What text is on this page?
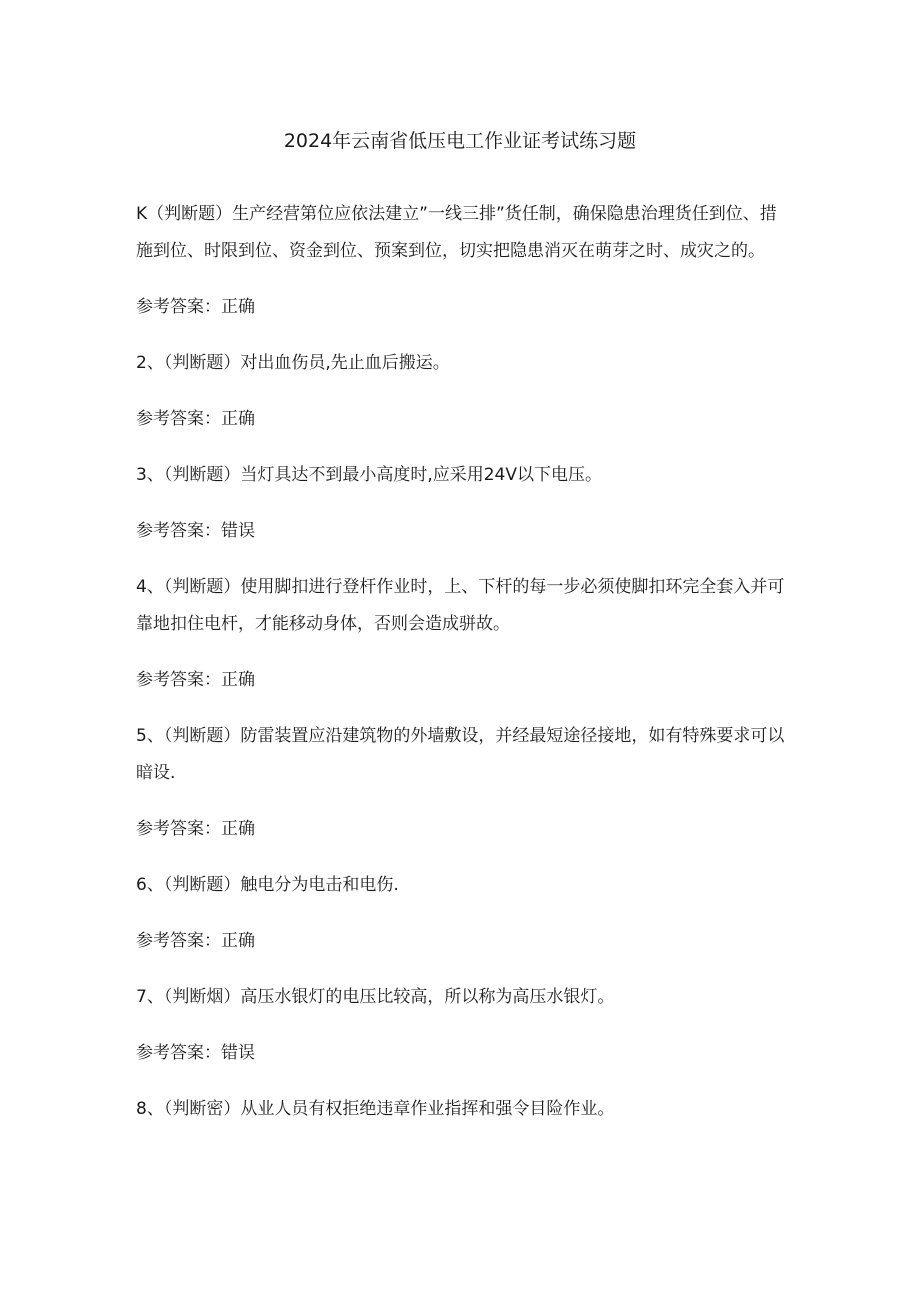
2024年云南省低压电工作业证考试练习题

K（判断题）生产经营第位应依法建立”一线三排”货任制，确保隐患治理货任到位、措施到位、时限到位、资金到位、预案到位，切实把隐患消灭在萌芽之时、成灾之的。

参考答案：正确

2、（判断题）对出血伤员,先止血后搬运。

参考答案：正确

3、（判断题）当灯具达不到最小高度时,应采用24V以下电压。

参考答案：错误

4、（判断题）使用脚扣进行登杆作业时，上、下杆的每一步必须使脚扣环完全套入并可靠地扣住电杆，才能移动身体，否则会造成骈故。

参考答案：正确

5、（判断题）防雷装置应沿建筑物的外墙敷设，并经最短途径接地，如有特殊要求可以暗设.

参考答案：正确

6、（判断题）触电分为电击和电伤.

参考答案：正确

7、（判断烟）高压水银灯的电压比较高，所以称为高压水银灯。

参考答案：错误

8、（判断密）从业人员有权拒绝违章作业指挥和强令目险作业。
